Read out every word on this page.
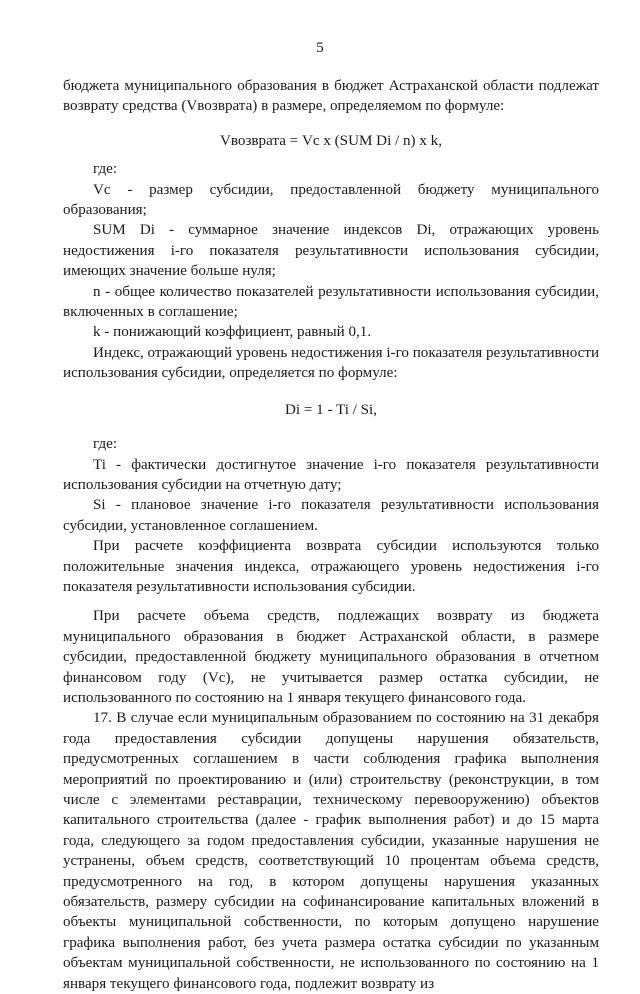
5

бюджета муниципального образования в бюджет Астраханской области подлежат возврату средства (Vвозврата) в размере, определяемом по формуле:

Vвозврата = Vc x (SUM Di / n) x k,

где:

Vc - размер субсидии, предоставленной бюджету муниципального образования;

SUM Di - суммарное значение индексов Di, отражающих уровень недостижения i-го показателя результативности использования субсидии, имеющих значение больше нуля;

n - общее количество показателей результативности использования субсидии, включенных в соглашение;

k - понижающий коэффициент, равный 0,1.

Индекс, отражающий уровень недостижения i-го показателя результативности использования субсидии, определяется по формуле:

Di = 1 - Ti / Si,

где:

Ti - фактически достигнутое значение i-го показателя результативности использования субсидии на отчетную дату;

Si - плановое значение i-го показателя результативности использования субсидии, установленное соглашением.

При расчете коэффициента возврата субсидии используются только положительные значения индекса, отражающего уровень недостижения i-го показателя результативности использования субсидии.

При расчете объема средств, подлежащих возврату из бюджета муниципального образования в бюджет Астраханской области, в размере субсидии, предоставленной бюджету муниципального образования в отчетном финансовом году (Vc), не учитывается размер остатка субсидии, не использованного по состоянию на 1 января текущего финансового года.

17. В случае если муниципальным образованием по состоянию на 31 декабря года предоставления субсидии допущены нарушения обязательств, предусмотренных соглашением в части соблюдения графика выполнения мероприятий по проектированию и (или) строительству (реконструкции, в том числе с элементами реставрации, техническому перевооружению) объектов капитального строительства (далее - график выполнения работ) и до 15 марта года, следующего за годом предоставления субсидии, указанные нарушения не устранены, объем средств, соответствующий 10 процентам объема средств, предусмотренного на год, в котором допущены нарушения указанных обязательств, размеру субсидии на софинансирование капитальных вложений в объекты муниципальной собственности, по которым допущено нарушение графика выполнения работ, без учета размера остатка субсидии по указанным объектам муниципальной собственности, не использованного по состоянию на 1 января текущего финансового года, подлежит возврату из
